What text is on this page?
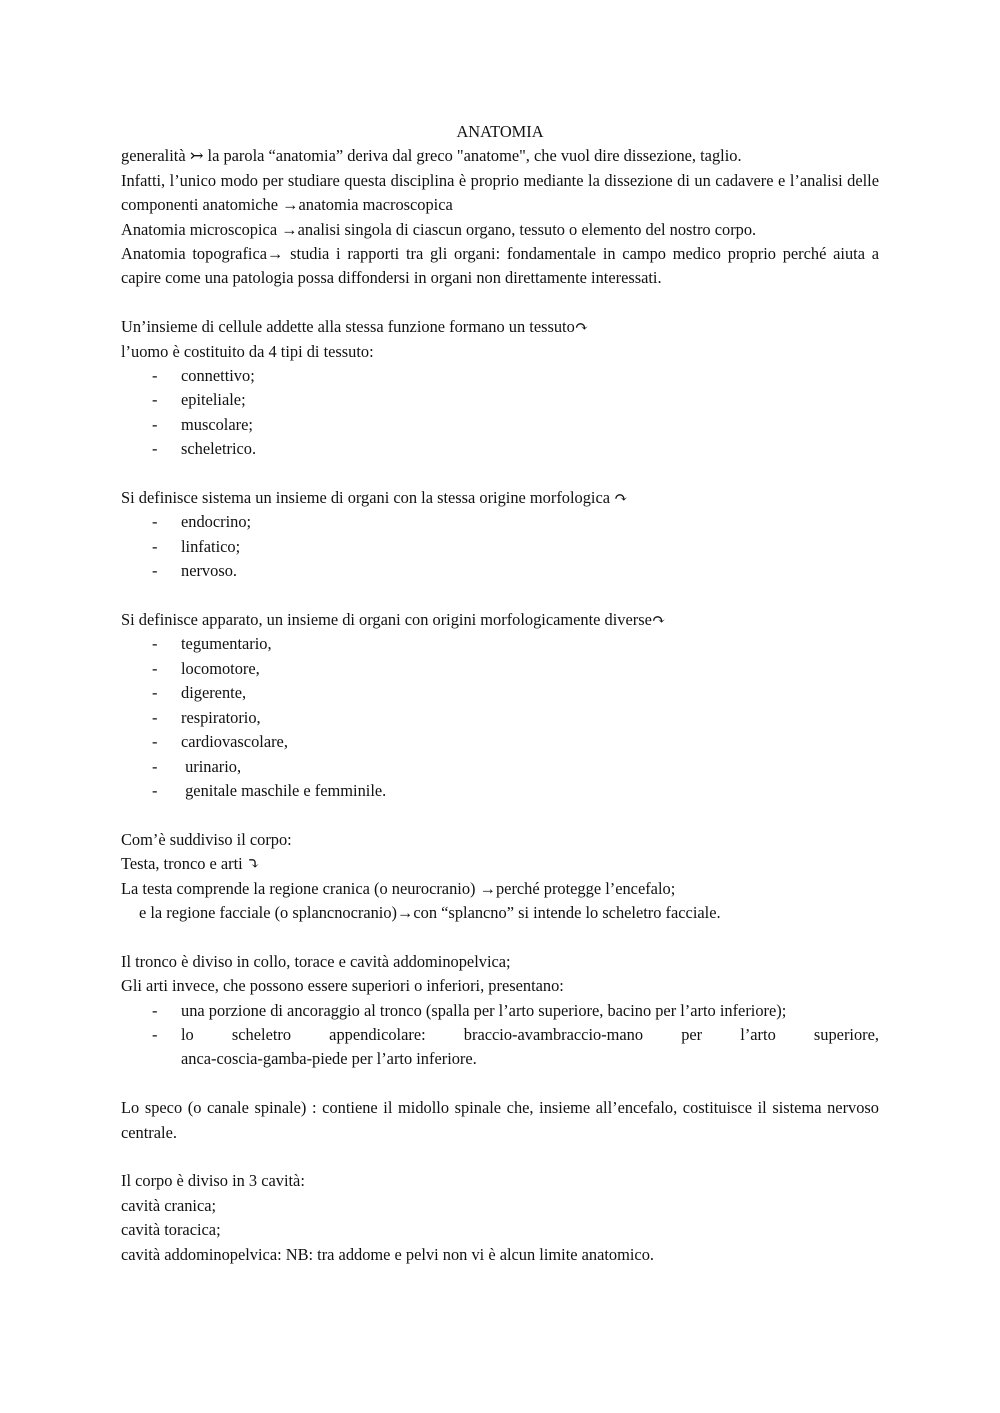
ANATOMIA

generalità ↣ la parola “anatomia” deriva dal greco "anatome", che vuol dire dissezione, taglio.

Infatti, l’unico modo per studiare questa disciplina è proprio mediante la dissezione di un cadavere e l’analisi delle componenti anatomiche →anatomia macroscopica

Anatomia microscopica →analisi singola di ciascun organo, tessuto o elemento del nostro corpo.

Anatomia topografica→ studia i rapporti tra gli organi: fondamentale in campo medico proprio perché aiuta a capire come una patologia possa diffondersi in organi non direttamente interessati.

Un’insieme di cellule addette alla stessa funzione formano un tessuto↷

l’uomo è costituito da 4 tipi di tessuto:

- connettivo;
- epiteliale;
- muscolare;
- scheletrico.

Si definisce sistema un insieme di organi con la stessa origine morfologica ↷

- endocrino;
- linfatico;
- nervoso.

Si definisce apparato, un insieme di organi con origini morfologicamente diverse↷

- tegumentario,
- locomotore,
- digerente,
- respiratorio,
- cardiovascolare,
- urinario,
- genitale maschile e femminile.

Com’è suddiviso il corpo:

Testa, tronco e arti ⤵

La testa comprende la regione cranica (o neurocranio) →perché protegge l’encefalo;

e la regione facciale (o splancnocranio)→con “splancno” si intende lo scheletro facciale.

Il tronco è diviso in collo, torace e cavità addominopelvica;

Gli arti invece, che possono essere superiori o inferiori, presentano:

- una porzione di ancoraggio al tronco (spalla per l’arto superiore, bacino per l’arto inferiore);
- lo scheletro appendicolare: braccio-avambraccio-mano per l’arto superiore,
anca-coscia-gamba-piede per l’arto inferiore.

Lo speco (o canale spinale) : contiene il midollo spinale che, insieme all’encefalo, costituisce il sistema nervoso centrale.

Il corpo è diviso in 3 cavità:

cavità cranica;

cavità toracica;

cavità addominopelvica: NB: tra addome e pelvi non vi è alcun limite anatomico.
